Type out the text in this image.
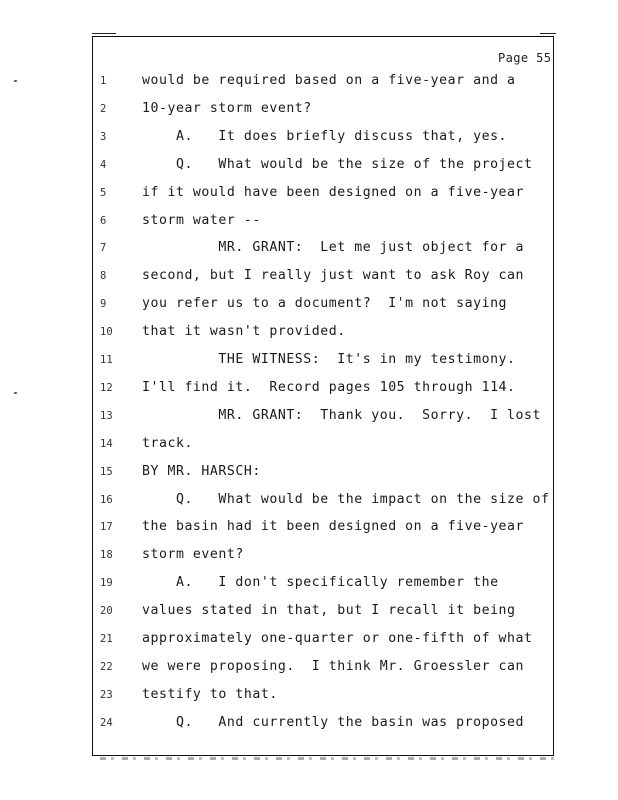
Page 55
1	would be required based on a five-year and a
2	10-year storm event?
3	A.   It does briefly discuss that, yes.
4	Q.   What would be the size of the project
5	if it would have been designed on a five-year
6	storm water --
7	MR. GRANT:  Let me just object for a
8	second, but I really just want to ask Roy can
9	you refer us to a document?  I'm not saying
10	that it wasn't provided.
11	THE WITNESS:  It's in my testimony.
12	I'll find it.  Record pages 105 through 114.
13	MR. GRANT:  Thank you.  Sorry.  I lost
14	track.
15	BY MR. HARSCH:
16	Q.   What would be the impact on the size of
17	the basin had it been designed on a five-year
18	storm event?
19	A.   I don't specifically remember the
20	values stated in that, but I recall it being
21	approximately one-quarter or one-fifth of what
22	we were proposing.  I think Mr. Groessler can
23	testify to that.
24	Q.   And currently the basin was proposed
